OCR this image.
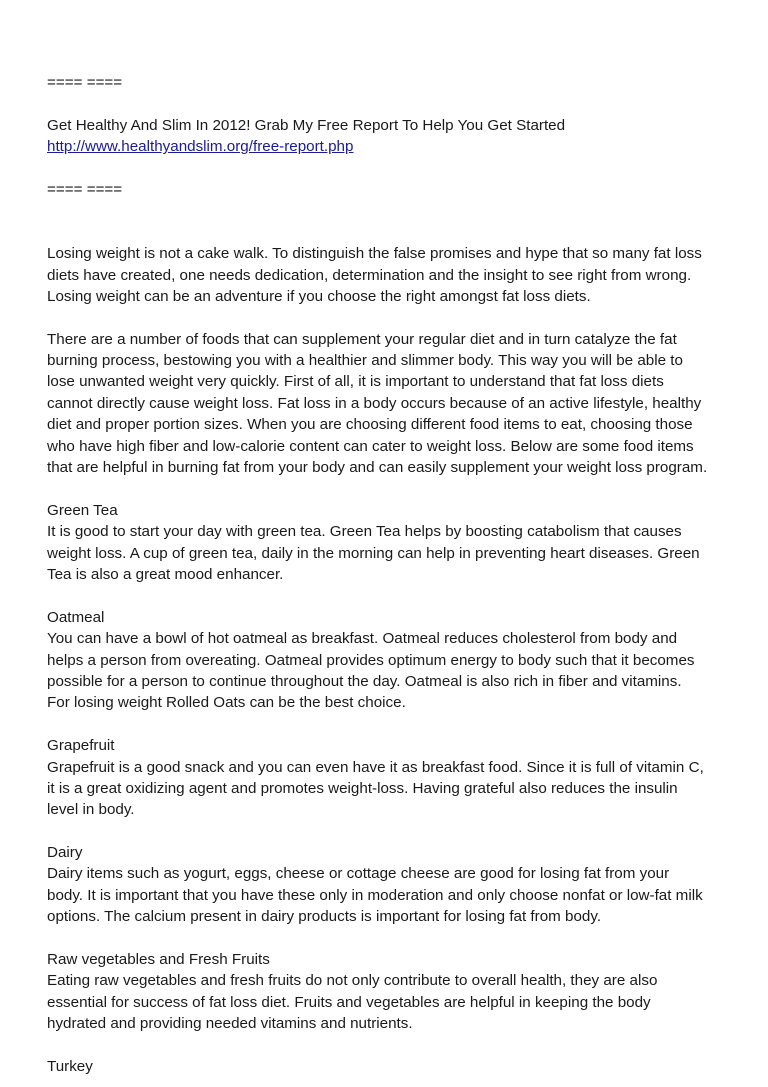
==== ====
Get Healthy And Slim In 2012! Grab My Free Report To Help You Get Started
http://www.healthyandslim.org/free-report.php
==== ====
Losing weight is not a cake walk. To distinguish the false promises and hype that so many fat loss
diets have created, one needs dedication, determination and the insight to see right from wrong.
Losing weight can be an adventure if you choose the right amongst fat loss diets.
There are a number of foods that can supplement your regular diet and in turn catalyze the fat
burning process, bestowing you with a healthier and slimmer body. This way you will be able to
lose unwanted weight very quickly. First of all, it is important to understand that fat loss diets
cannot directly cause weight loss. Fat loss in a body occurs because of an active lifestyle, healthy
diet and proper portion sizes. When you are choosing different food items to eat, choosing those
who have high fiber and low-calorie content can cater to weight loss. Below are some food items
that are helpful in burning fat from your body and can easily supplement your weight loss program.
Green Tea
It is good to start your day with green tea. Green Tea helps by boosting catabolism that causes
weight loss. A cup of green tea, daily in the morning can help in preventing heart diseases. Green
Tea is also a great mood enhancer.
Oatmeal
You can have a bowl of hot oatmeal as breakfast. Oatmeal reduces cholesterol from body and
helps a person from overeating. Oatmeal provides optimum energy to body such that it becomes
possible for a person to continue throughout the day. Oatmeal is also rich in fiber and vitamins.
For losing weight Rolled Oats can be the best choice.
Grapefruit
Grapefruit is a good snack and you can even have it as breakfast food. Since it is full of vitamin C,
it is a great oxidizing agent and promotes weight-loss. Having grateful also reduces the insulin
level in body.
Dairy
Dairy items such as yogurt, eggs, cheese or cottage cheese are good for losing fat from your
body. It is important that you have these only in moderation and only choose nonfat or low-fat milk
options. The calcium present in dairy products is important for losing fat from body.
Raw vegetables and Fresh Fruits
Eating raw vegetables and fresh fruits do not only contribute to overall health, they are also
essential for success of fat loss diet. Fruits and vegetables are helpful in keeping the body
hydrated and providing needed vitamins and nutrients.
Turkey
